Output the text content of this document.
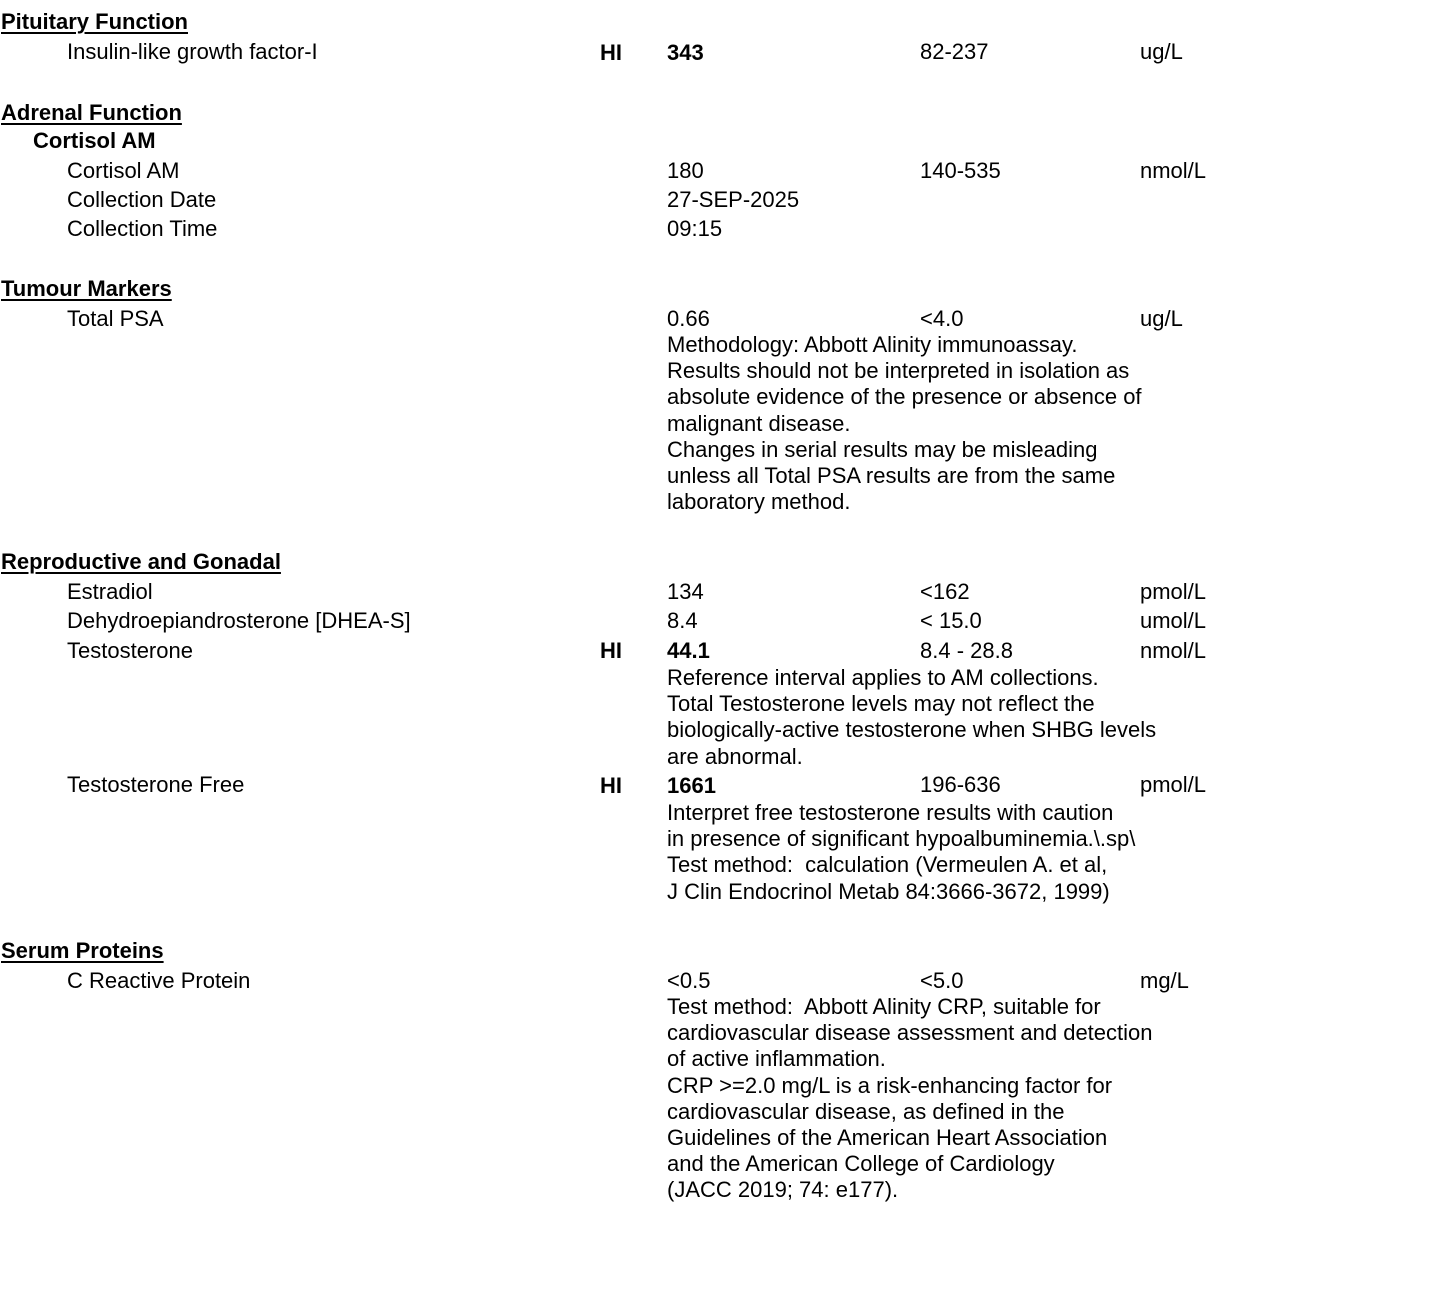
Pituitary Function
Insulin-like growth factor-I	HI 343	82-237	ug/L
Adrenal Function
Cortisol AM
Cortisol AM	180	140-535	nmol/L
Collection Date	27-SEP-2025
Collection Time	09:15
Tumour Markers
Total PSA	0.66	<4.0	ug/L
Methodology: Abbott Alinity immunoassay.
Results should not be interpreted in isolation as
absolute evidence of the presence or absence of
malignant disease.
Changes in serial results may be misleading
unless all Total PSA results are from the same
laboratory method.
Reproductive and Gonadal
Estradiol	134	<162	pmol/L
Dehydroepiandrosterone [DHEA-S]	8.4	< 15.0	umol/L
Testosterone	HI 44.1	8.4 - 28.8	nmol/L
Reference interval applies to AM collections.
Total Testosterone levels may not reflect the
biologically-active testosterone when SHBG levels
are abnormal.
Testosterone Free	HI 1661	196-636	pmol/L
Interpret free testosterone results with caution
in presence of significant hypoalbuminemia.\.sp\
Test method:  calculation (Vermeulen A. et al,
J Clin Endocrinol Metab 84:3666-3672, 1999)
Serum Proteins
C Reactive Protein	<0.5	<5.0	mg/L
Test method:  Abbott Alinity CRP, suitable for
cardiovascular disease assessment and detection
of active inflammation.
CRP >=2.0 mg/L is a risk-enhancing factor for
cardiovascular disease, as defined in the
Guidelines of the American Heart Association
and the American College of Cardiology
(JACC 2019; 74: e177).
